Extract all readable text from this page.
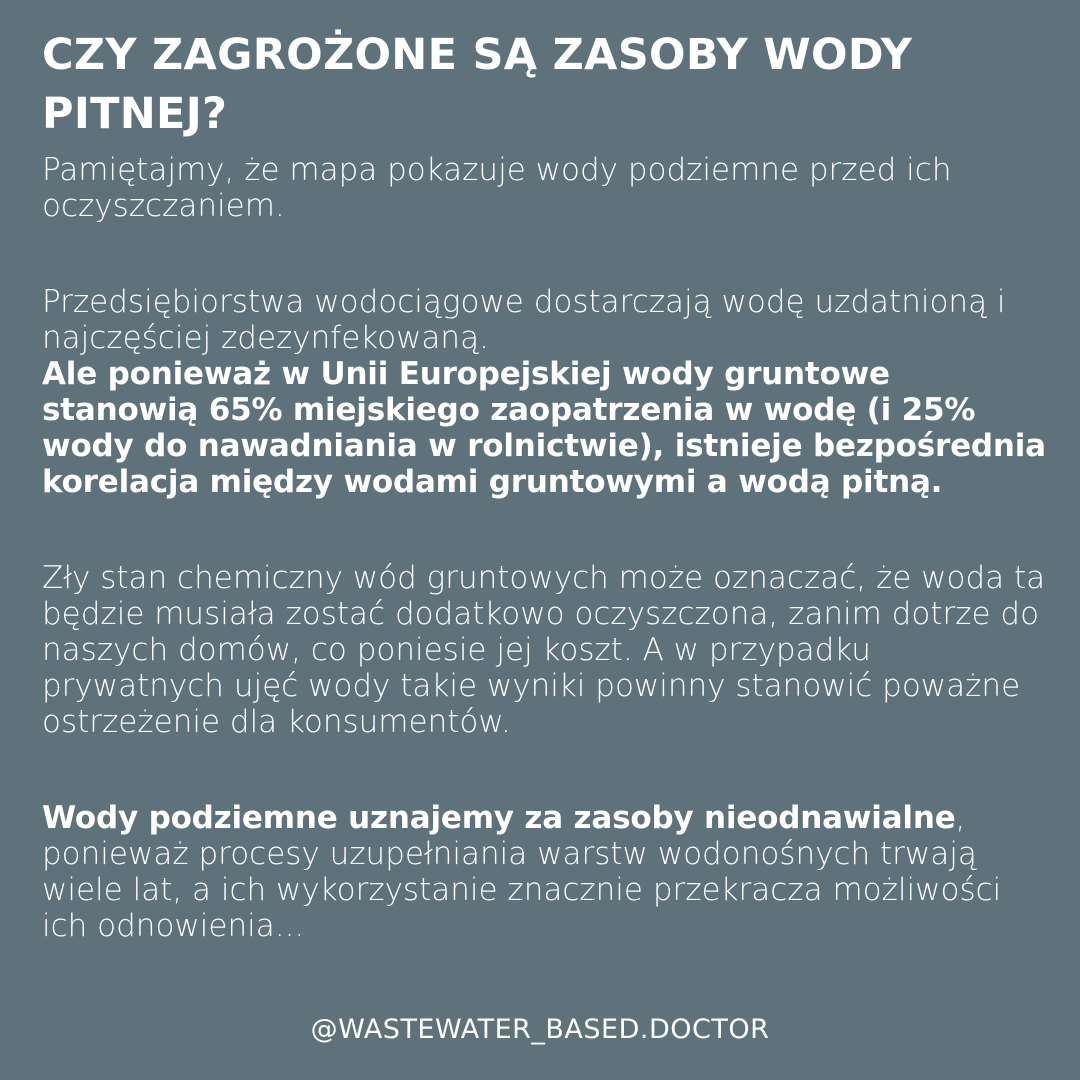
CZY ZAGROŻONE SĄ ZASOBY WODY PITNEJ?

Pamiętajmy, że mapa pokazuje wody podziemne przed ich oczyszczaniem.

Przedsiębiorstwa wodociągowe dostarczają wodę uzdatnioną i najczęściej zdezynfekowaną.

Ale ponieważ w Unii Europejskiej wody gruntowe stanowią 65% miejskiego zaopatrzenia w wodę (i 25% wody do nawadniania w rolnictwie), istnieje bezpośrednia korelacja między wodami gruntowymi a wodą pitną.

Zły stan chemiczny wód gruntowych może oznaczać, że woda ta będzie musiała zostać dodatkowo oczyszczona, zanim dotrze do naszych domów, co poniesie jej koszt. A w przypadku prywatnych ujęć wody takie wyniki powinny stanowić poważne ostrzeżenie dla konsumentów.

Wody podziemne uznajemy za zasoby nieodnawialne, ponieważ procesy uzupełniania warstw wodonośnych trwają wiele lat, a ich wykorzystanie znacznie przekracza możliwości ich odnowienia...

@WASTEWATER_BASED.DOCTOR
